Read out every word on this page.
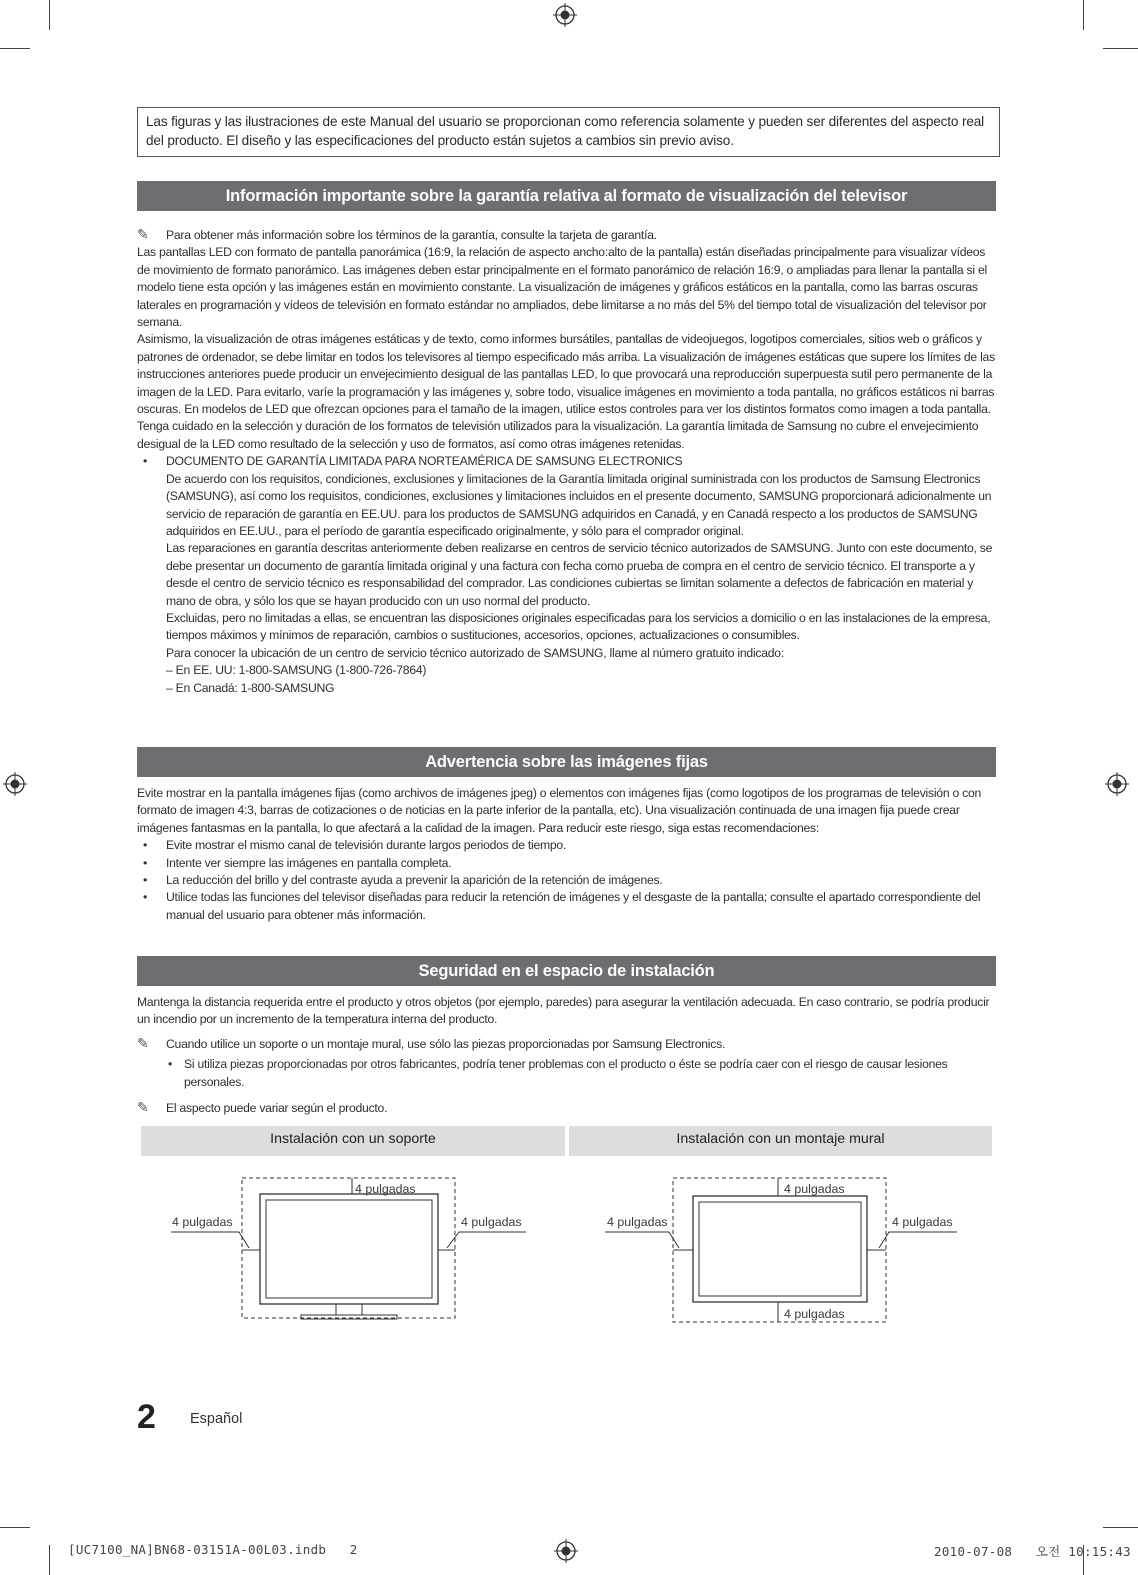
Las figuras y las ilustraciones de este Manual del usuario se proporcionan como referencia solamente y pueden ser diferentes del aspecto real del producto. El diseño y las especificaciones del producto están sujetos a cambios sin previo aviso.
Información importante sobre la garantía relativa al formato de visualización del televisor

✎ Para obtener más información sobre los términos de la garantía, consulte la tarjeta de garantía.

Las pantallas LED con formato de pantalla panorámica (16:9, la relación de aspecto ancho:alto de la pantalla) están diseñadas principalmente para visualizar vídeos de movimiento de formato panorámico. Las imágenes deben estar principalmente en el formato panorámico de relación 16:9, o ampliadas para llenar la pantalla si el modelo tiene esta opción y las imágenes están en movimiento constante. La visualización de imágenes y gráficos estáticos en la pantalla, como las barras oscuras laterales en programación y vídeos de televisión en formato estándar no ampliados, debe limitarse a no más del 5% del tiempo total de visualización del televisor por semana.

Asimismo, la visualización de otras imágenes estáticas y de texto, como informes bursátiles, pantallas de videojuegos, logotipos comerciales, sitios web o gráficos y patrones de ordenador, se debe limitar en todos los televisores al tiempo especificado más arriba. La visualización de imágenes estáticas que supere los límites de las instrucciones anteriores puede producir un envejecimiento desigual de las pantallas LED, lo que provocará una reproducción superpuesta sutil pero permanente de la imagen de la LED. Para evitarlo, varíe la programación y las imágenes y, sobre todo, visualice imágenes en movimiento a toda pantalla, no gráficos estáticos ni barras oscuras. En modelos de LED que ofrezcan opciones para el tamaño de la imagen, utilice estos controles para ver los distintos formatos como imagen a toda pantalla.

Tenga cuidado en la selección y duración de los formatos de televisión utilizados para la visualización. La garantía limitada de Samsung no cubre el envejecimiento desigual de la LED como resultado de la selección y uso de formatos, así como otras imágenes retenidas.

• DOCUMENTO DE GARANTÍA LIMITADA PARA NORTEAMÉRICA DE SAMSUNG ELECTRONICS

De acuerdo con los requisitos, condiciones, exclusiones y limitaciones de la Garantía limitada original suministrada con los productos de Samsung Electronics (SAMSUNG), así como los requisitos, condiciones, exclusiones y limitaciones incluidos en el presente documento, SAMSUNG proporcionará adicionalmente un servicio de reparación de garantía en EE.UU. para los productos de SAMSUNG adquiridos en Canadá, y en Canadá respecto a los productos de SAMSUNG adquiridos en EE.UU., para el período de garantía especificado originalmente, y sólo para el comprador original.

Las reparaciones en garantía descritas anteriormente deben realizarse en centros de servicio técnico autorizados de SAMSUNG. Junto con este documento, se debe presentar un documento de garantía limitada original y una factura con fecha como prueba de compra en el centro de servicio técnico. El transporte a y desde el centro de servicio técnico es responsabilidad del comprador. Las condiciones cubiertas se limitan solamente a defectos de fabricación en material y mano de obra, y sólo los que se hayan producido con un uso normal del producto.

Excluidas, pero no limitadas a ellas, se encuentran las disposiciones originales especificadas para los servicios a domicilio o en las instalaciones de la empresa, tiempos máximos y mínimos de reparación, cambios o sustituciones, accesorios, opciones, actualizaciones o consumibles.

Para conocer la ubicación de un centro de servicio técnico autorizado de SAMSUNG, llame al número gratuito indicado:

– En EE. UU: 1-800-SAMSUNG (1-800-726-7864)

– En Canadá: 1-800-SAMSUNG

Advertencia sobre las imágenes fijas

Evite mostrar en la pantalla imágenes fijas (como archivos de imágenes jpeg) o elementos con imágenes fijas (como logotipos de los programas de televisión o con formato de imagen 4:3, barras de cotizaciones o de noticias en la parte inferior de la pantalla, etc). Una visualización continuada de una imagen fija puede crear imágenes fantasmas en la pantalla, lo que afectará a la calidad de la imagen. Para reducir este riesgo, siga estas recomendaciones:

• Evite mostrar el mismo canal de televisión durante largos periodos de tiempo.

• Intente ver siempre las imágenes en pantalla completa.

• La reducción del brillo y del contraste ayuda a prevenir la aparición de la retención de imágenes.

• Utilice todas las funciones del televisor diseñadas para reducir la retención de imágenes y el desgaste de la pantalla; consulte el apartado correspondiente del manual del usuario para obtener más información.

Seguridad en el espacio de instalación

Mantenga la distancia requerida entre el producto y otros objetos (por ejemplo, paredes) para asegurar la ventilación adecuada. En caso contrario, se podría producir un incendio por un incremento de la temperatura interna del producto.

✎ Cuando utilice un soporte o un montaje mural, use sólo las piezas proporcionadas por Samsung Electronics.

• Si utiliza piezas proporcionadas por otros fabricantes, podría tener problemas con el producto o éste se podría caer con el riesgo de causar lesiones personales.

✎ El aspecto puede variar según el producto.

Instalación con un soporte	Instalación con un montaje mural
4 pulgadas
4 pulgadas	4 pulgadas
4 pulgadas
4 pulgadas	4 pulgadas
4 pulgadas
2 Español
[UC7100_NA]BN68-03151A-00L03.indb   2	2010-07-08   오전 10:15:43
